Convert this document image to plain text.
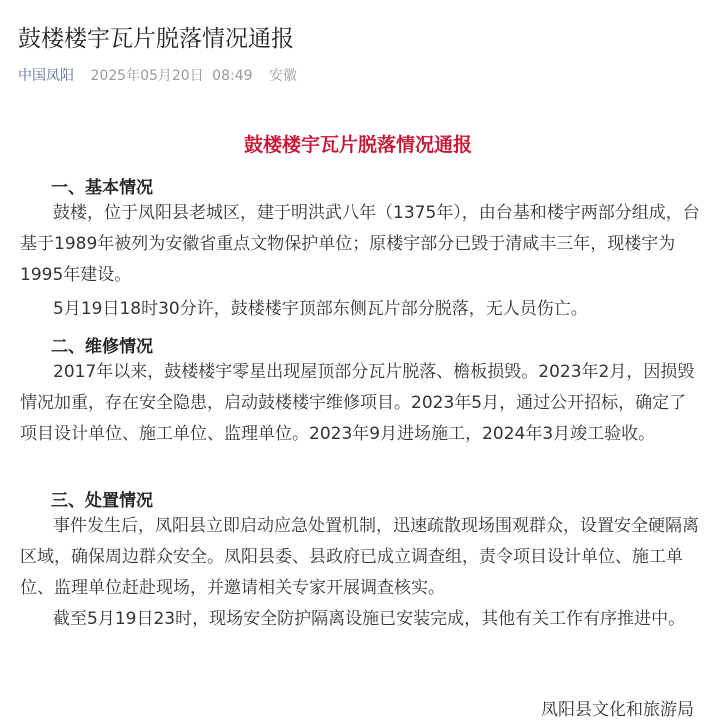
鼓楼楼宇瓦片脱落情况通报
中国凤阳 2025年05月20日 08:49 安徽
鼓楼楼宇瓦片脱落情况通报
一、基本情况
鼓楼，位于凤阳县老城区，建于明洪武八年（1375年），由台基和楼宇两部分组成，台基于1989年被列为安徽省重点文物保护单位；原楼宇部分已毁于清咸丰三年，现楼宇为1995年建设。
5月19日18时30分许，鼓楼楼宇顶部东侧瓦片部分脱落，无人员伤亡。
二、维修情况
2017年以来，鼓楼楼宇零星出现屋顶部分瓦片脱落、檐板损毁。2023年2月，因损毁情况加重，存在安全隐患，启动鼓楼楼宇维修项目。2023年5月，通过公开招标，确定了项目设计单位、施工单位、监理单位。2023年9月进场施工，2024年3月竣工验收。
三、处置情况
事件发生后，凤阳县立即启动应急处置机制，迅速疏散现场围观群众，设置安全硬隔离区域，确保周边群众安全。凤阳县委、县政府已成立调查组，责令项目设计单位、施工单位、监理单位赶赴现场，并邀请相关专家开展调查核实。
截至5月19日23时，现场安全防护隔离设施已安装完成，其他有关工作有序推进中。
凤阳县文化和旅游局
